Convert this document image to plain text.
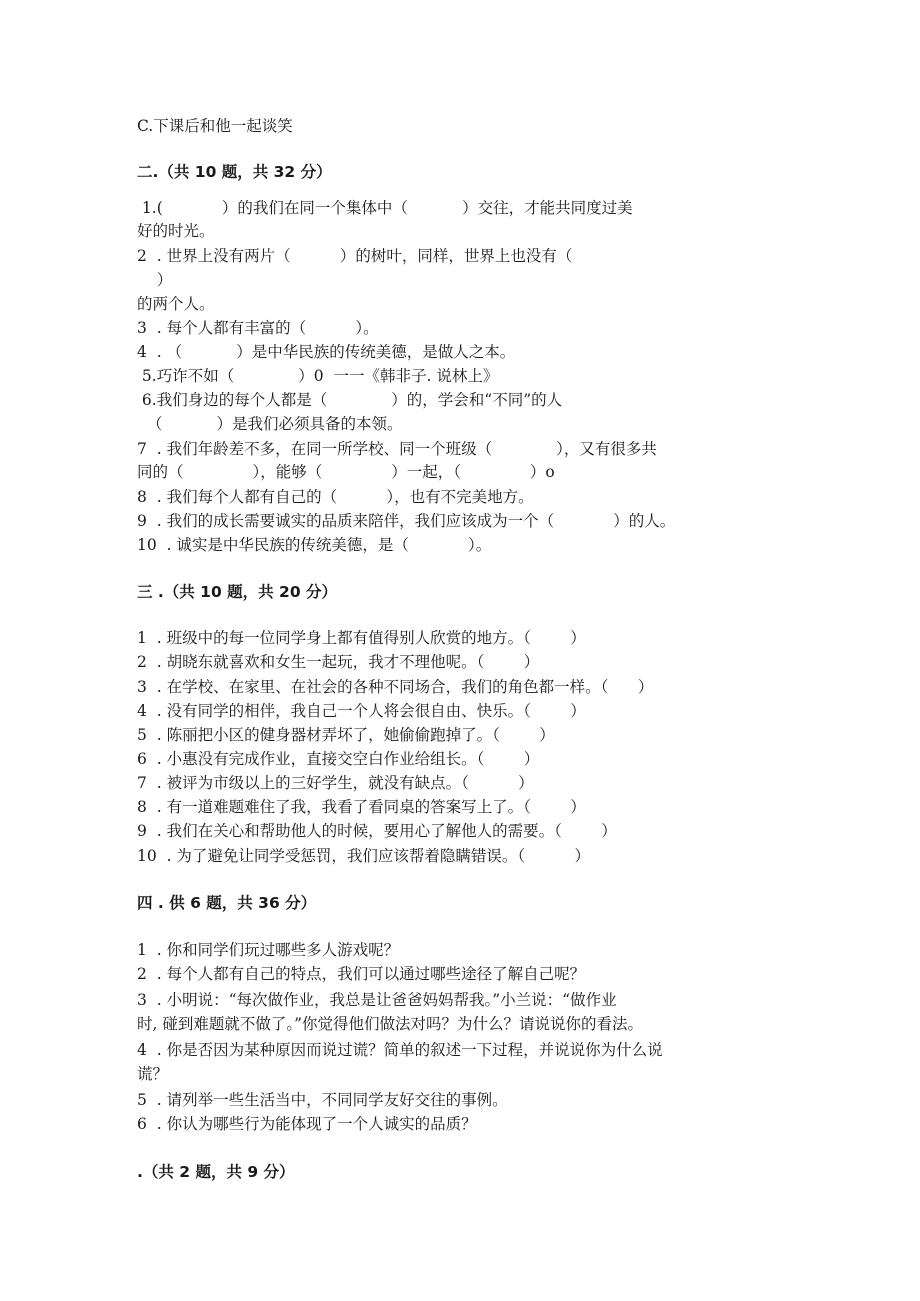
C.下课后和他一起谈笑

二.（共 10 题，共 32 分）

1.(            ）的我们在同一个集体中（           ）交往，才能共同度过美

好的时光。

2  . 世界上没有两片（          ）的树叶，同样，世界上也没有（

）

的两个人。

3  . 每个人都有丰富的（          ）。

4  . （           ）是中华民族的传统美德，是做人之本。

5.巧诈不如（             ）0  一一《韩非子. 说林上》

6.我们身边的每个人都是（             ）的，学会和“不同”的人

（           ）是我们必须具备的本领。

7  . 我们年龄差不多，在同一所学校、同一个班级（             ），又有很多共

同的（              ），能够（              ）一起，（              ）o

8  . 我们每个人都有自己的（          ），也有不完美地方。

9  . 我们的成长需要诚实的品质来陪伴，我们应该成为一个（            ）的人。

10  . 诚实是中华民族的传统美德，是（            ）。

三 .（共 10 题，共 20 分）

1  . 班级中的每一位同学身上都有值得别人欣赏的地方。（        ）

2  . 胡晓东就喜欢和女生一起玩，我才不理他呢。（        ）

3  . 在学校、在家里、在社会的各种不同场合，我们的角色都一样。（      ）

4  . 没有同学的相伴，我自己一个人将会很自由、快乐。（        ）

5  . 陈丽把小区的健身器材弄坏了，她偷偷跑掉了。（        ）

6  . 小惠没有完成作业，直接交空白作业给组长。（        ）

7  . 被评为市级以上的三好学生，就没有缺点。（          ）

8  . 有一道难题难住了我，我看了看同桌的答案写上了。（        ）

9  . 我们在关心和帮助他人的时候，要用心了解他人的需要。（        ）

10  . 为了避免让同学受惩罚，我们应该帮着隐瞒错误。（          ）

四 . 供 6 题，共 36 分）

1  . 你和同学们玩过哪些多人游戏呢？

2  . 每个人都有自己的特点，我们可以通过哪些途径了解自己呢？

3  . 小明说：“每次做作业，我总是让爸爸妈妈帮我。”小兰说：“做作业

时, 碰到难题就不做了。”你觉得他们做法对吗？为什么？请说说你的看法。

4  . 你是否因为某种原因而说过谎？简单的叙述一下过程，并说说你为什么说

谎？

5  . 请列举一些生活当中，不同同学友好交往的事例。

6  . 你认为哪些行为能体现了一个人诚实的品质？

.（共 2 题，共 9 分）
